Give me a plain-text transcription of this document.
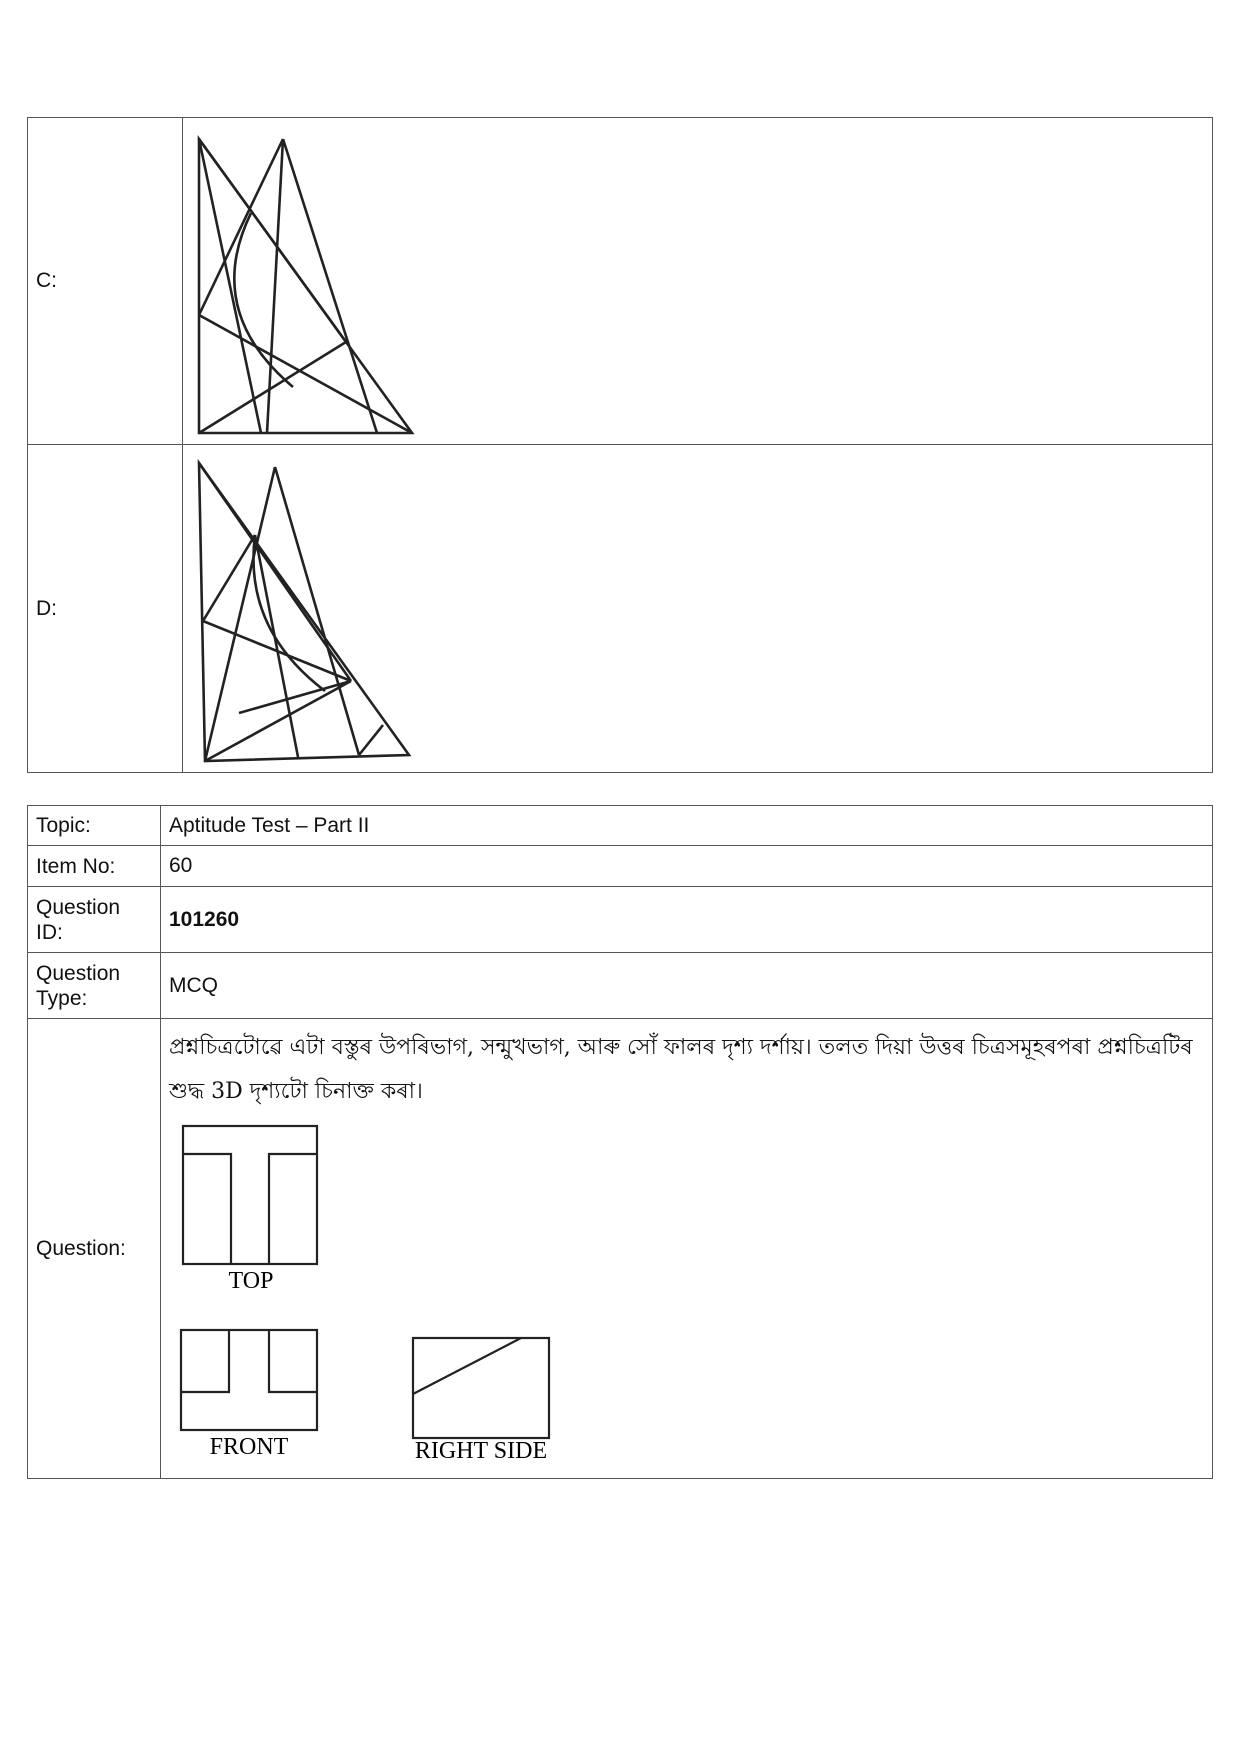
C:	

D:	
Topic:	Aptitude Test – Part II
Item No:	60
Question ID:	101260
Question Type:	MCQ
Question:	প্রশ্নচিত্রটোৱে এটা বস্তুৰ উপৰিভাগ, সন্মুখভাগ, আৰু সোঁ ফালৰ দৃশ্য দৰ্শায়। তলত দিয়া উত্তৰ চিত্ৰসমূহৰপৰা প্রশ্নচিত্ৰটিৰ শুদ্ধ 3D দৃশ্যটো চিনাক্ত কৰা।

TOP
FRONT RIGHT SIDE
